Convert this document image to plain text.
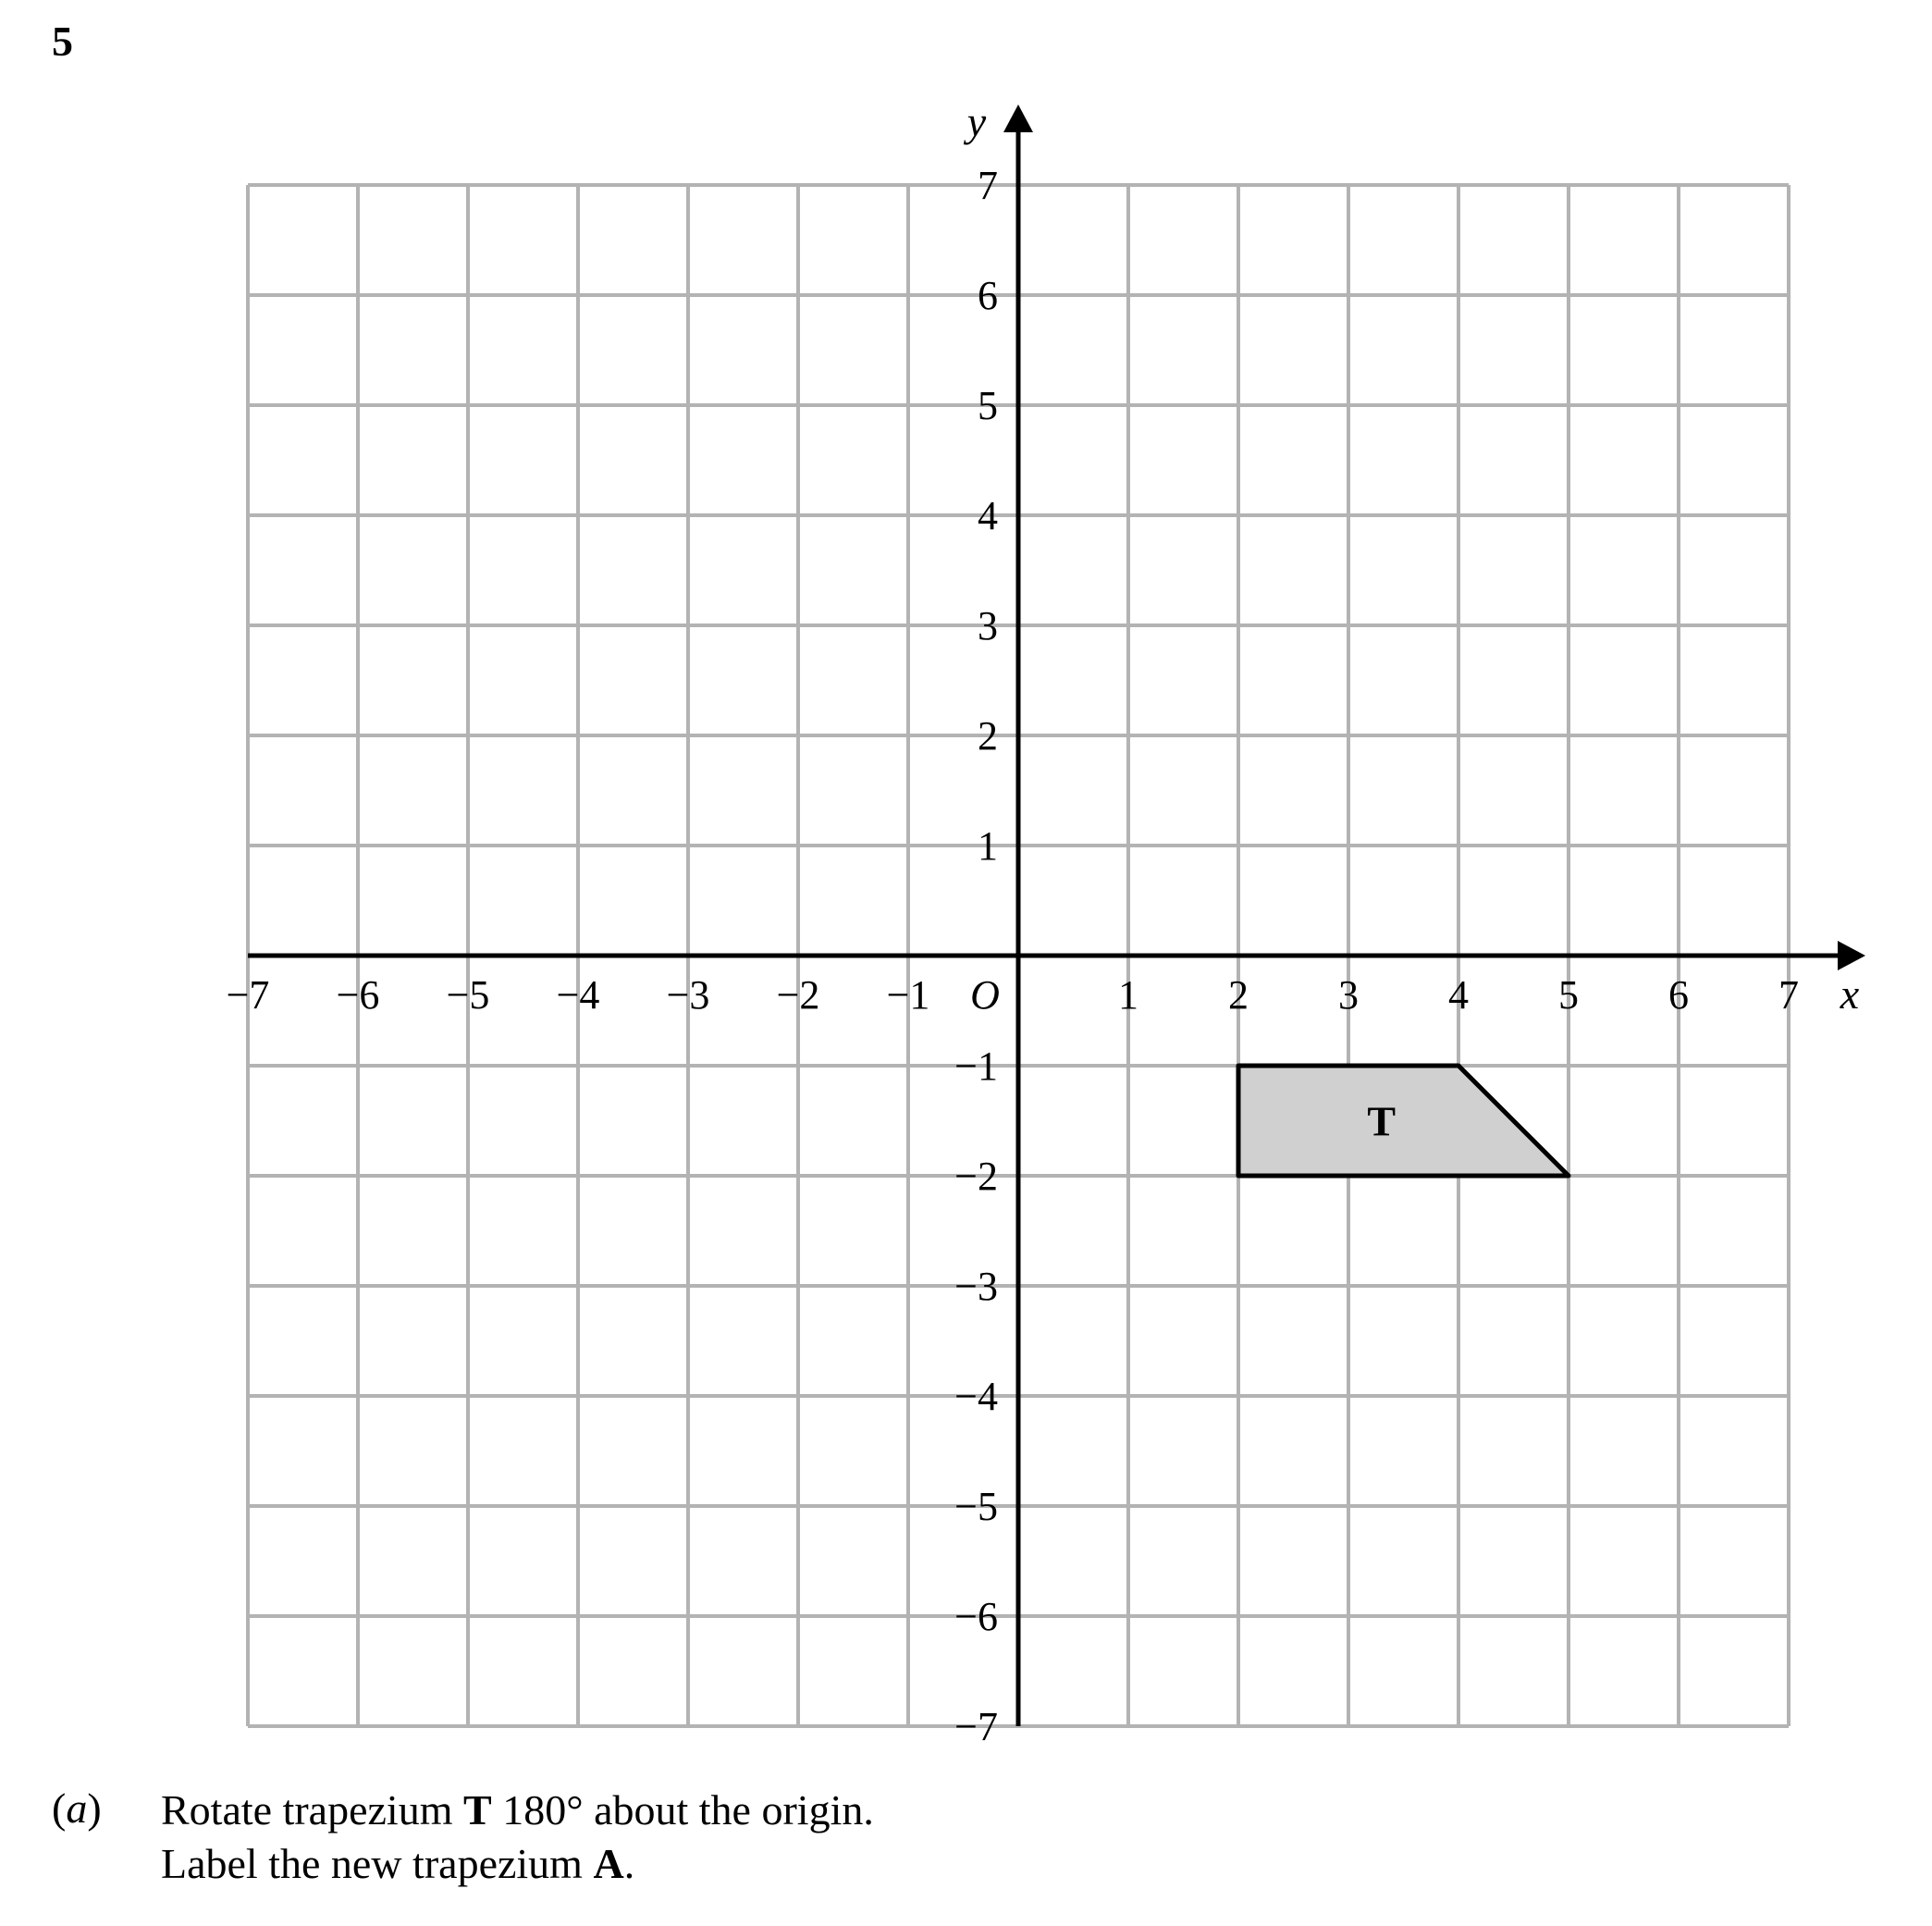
5
T
−7 −6 −5 −4 −3 −2 −1	1 2 3 4 5 6 7
7
6
5
4
3
2
1
−1
−2
−3
−4
−5
−6
−7
O	x
y
(a) Rotate trapezium T 180° about the origin.
Label the new trapezium A.
